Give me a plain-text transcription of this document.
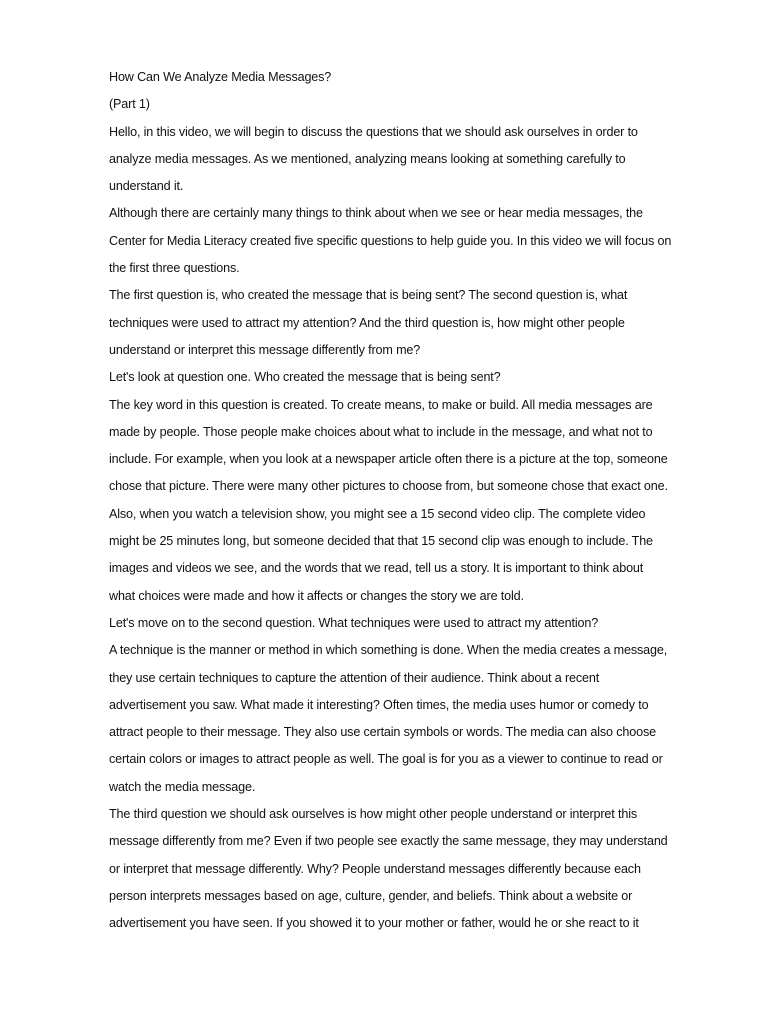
How Can We Analyze Media Messages?
(Part 1)
Hello, in this video, we will begin to discuss the questions that we should ask ourselves in order to
analyze media messages. As we mentioned, analyzing means looking at something carefully to
understand it.
Although there are certainly many things to think about when we see or hear media messages, the
Center for Media Literacy created five specific questions to help guide you. In this video we will focus on
the first three questions.
The first question is, who created the message that is being sent? The second question is, what
techniques were used to attract my attention? And the third question is, how might other people
understand or interpret this message differently from me?
Let's look at question one. Who created the message that is being sent?
The key word in this question is created. To create means, to make or build. All media messages are
made by people. Those people make choices about what to include in the message, and what not to
include. For example, when you look at a newspaper article often there is a picture at the top, someone
chose that picture. There were many other pictures to choose from, but someone chose that exact one.
Also, when you watch a television show, you might see a 15 second video clip. The complete video
might be 25 minutes long, but someone decided that that 15 second clip was enough to include. The
images and videos we see, and the words that we read, tell us a story. It is important to think about
what choices were made and how it affects or changes the story we are told.
Let's move on to the second question. What techniques were used to attract my attention?
A technique is the manner or method in which something is done. When the media creates a message,
they use certain techniques to capture the attention of their audience. Think about a recent
advertisement you saw. What made it interesting? Often times, the media uses humor or comedy to
attract people to their message. They also use certain symbols or words. The media can also choose
certain colors or images to attract people as well. The goal is for you as a viewer to continue to read or
watch the media message.
The third question we should ask ourselves is how might other people understand or interpret this
message differently from me? Even if two people see exactly the same message, they may understand
or interpret that message differently. Why? People understand messages differently because each
person interprets messages based on age, culture, gender, and beliefs. Think about a website or
advertisement you have seen. If you showed it to your mother or father, would he or she react to it
